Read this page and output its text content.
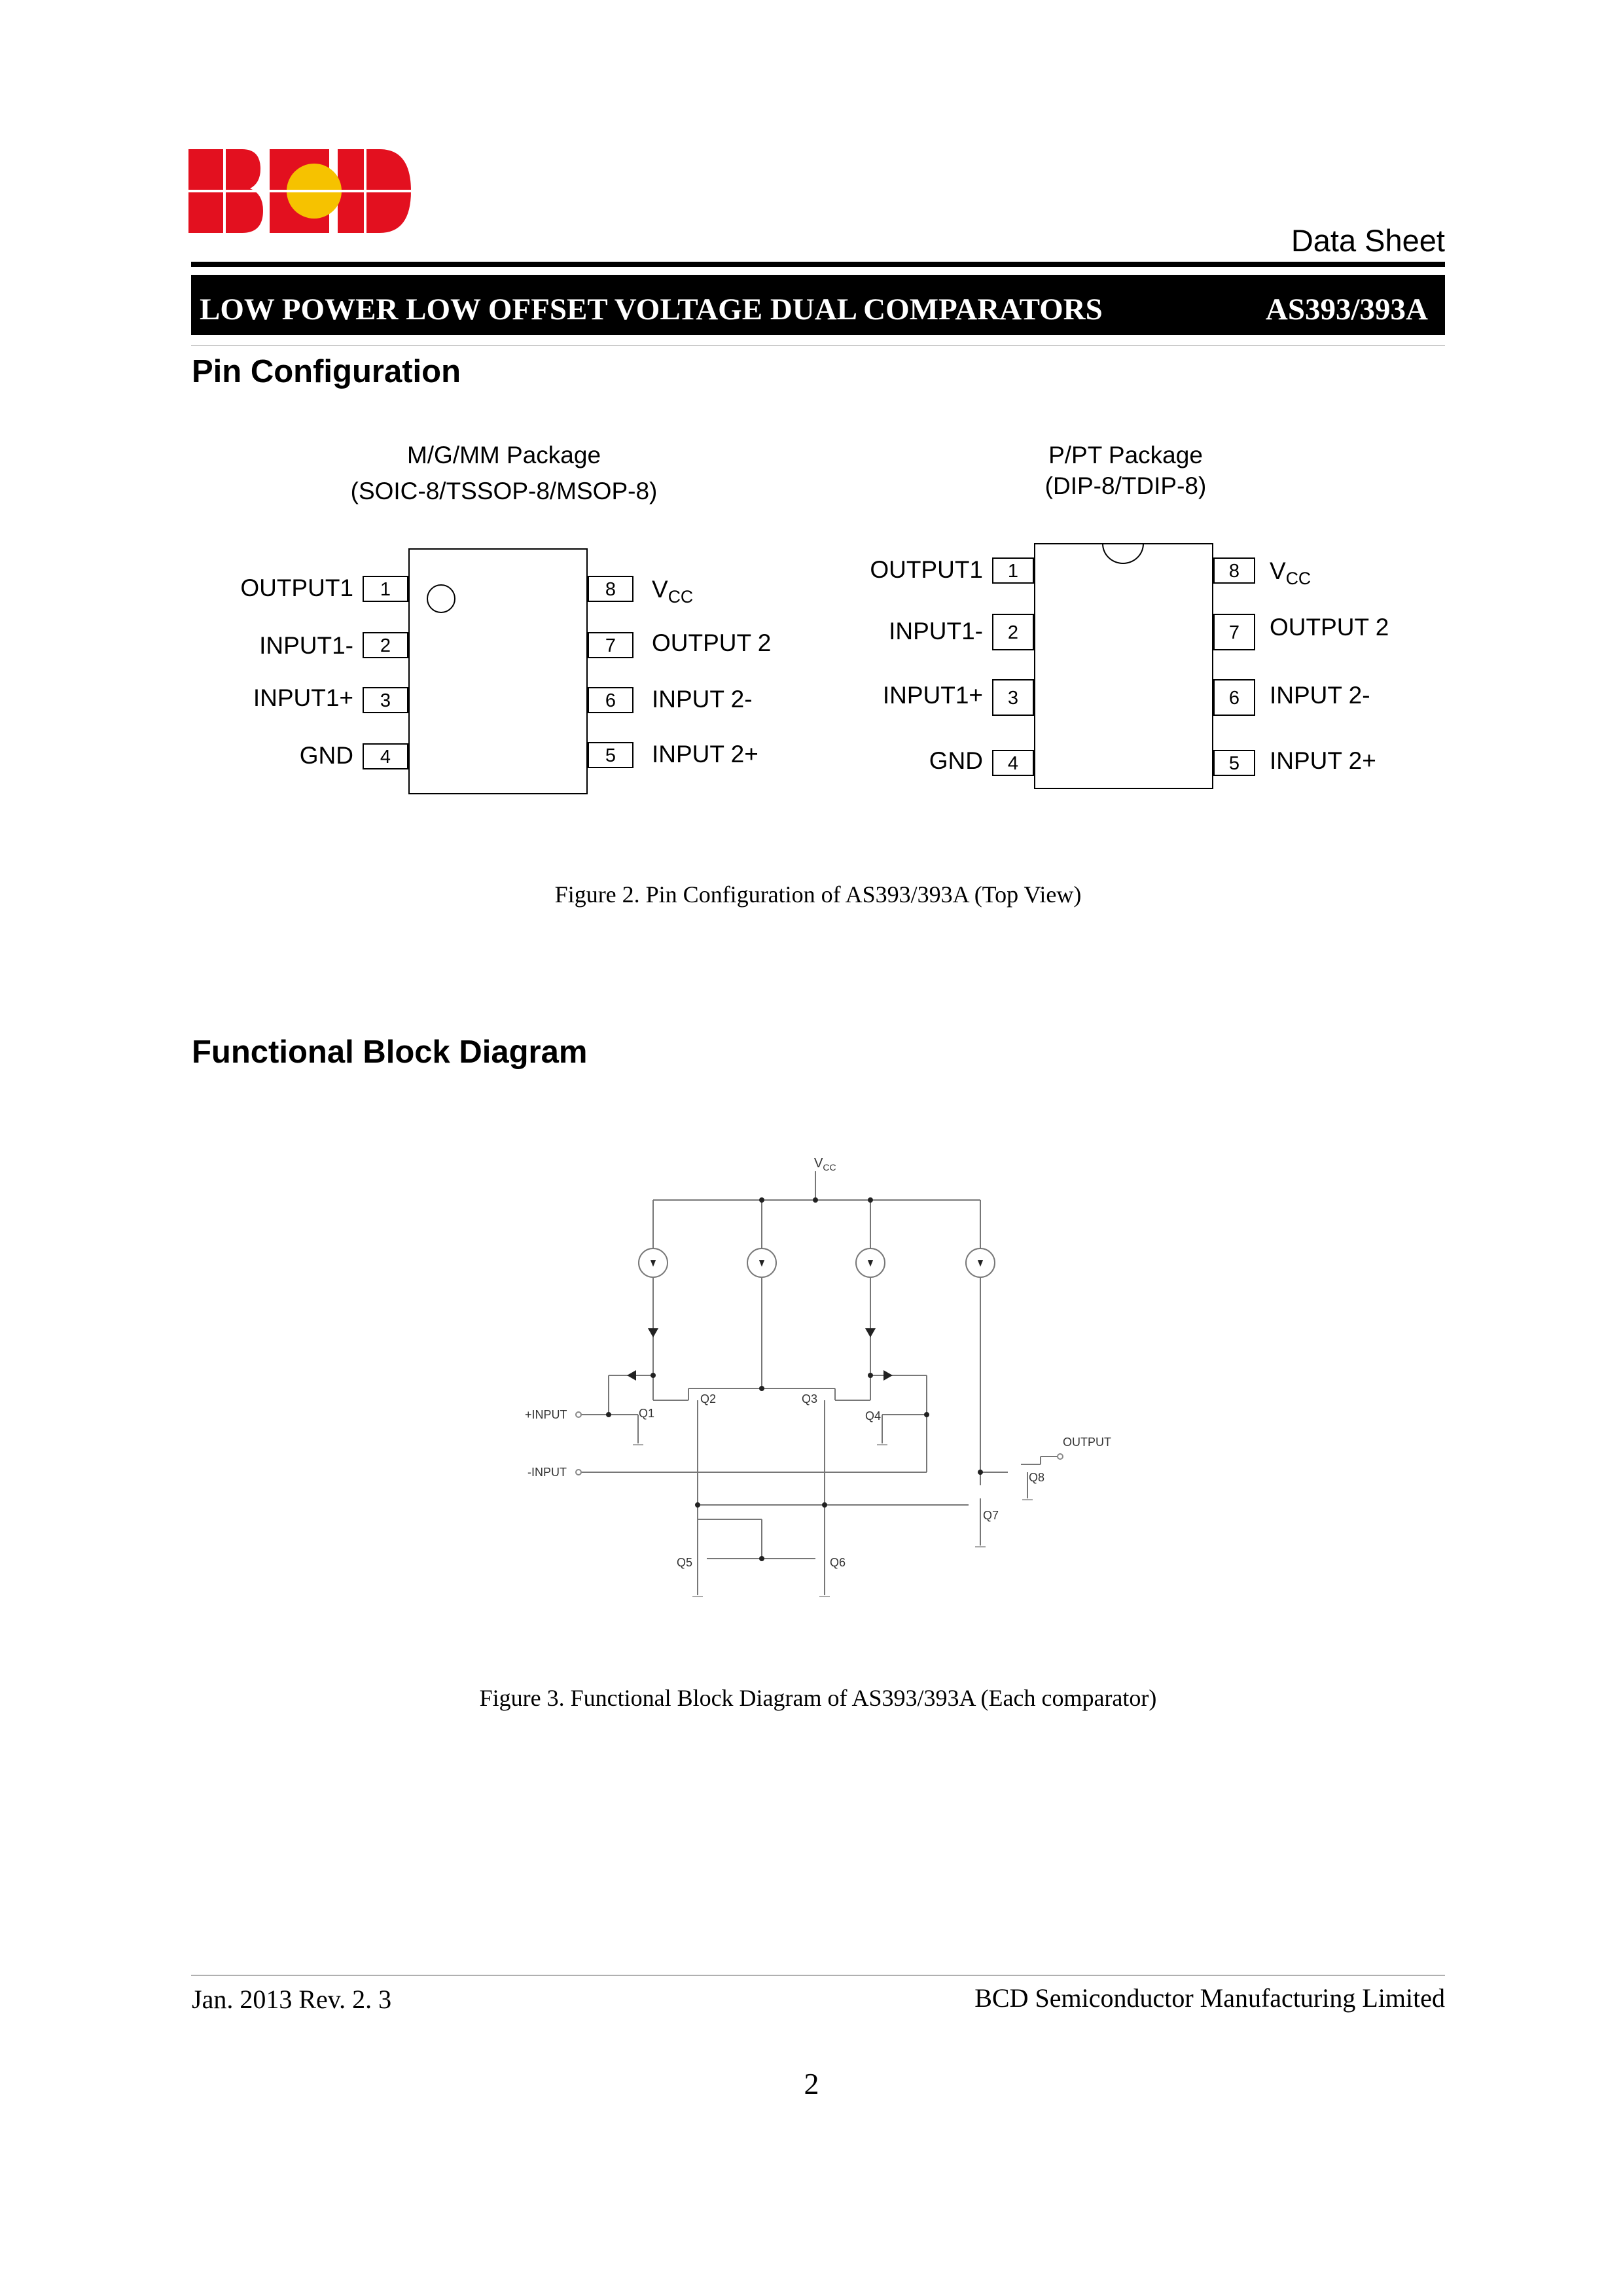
Data Sheet
LOW POWER LOW OFFSET VOLTAGE DUAL COMPARATORS	AS393/393A
Pin Configuration
M/G/MM Package
(SOIC-8/TSSOP-8/MSOP-8)
1
2
3
4
8
7
6
5
OUTPUT1
INPUT1-
INPUT1+
GND
$V_{CC}$
OUTPUT 2
INPUT 2-
INPUT 2+
P/PT Package
(DIP-8/TDIP-8)
1
2
3
4
8
7
6
5
OUTPUT1
INPUT1-
INPUT1+
GND
$V_{CC}$
OUTPUT 2
INPUT 2-
INPUT 2+
Figure 2. Pin Configuration of AS393/393A (Top View)
Functional Block Diagram
$V_{CC}$
+INPUT
-INPUT
OUTPUT
Q1
Q2	Q3
Q4
Q5	Q6
Q7
Q8
Figure 3. Functional Block Diagram of AS393/393A (Each comparator)
Jan. 2013 Rev. 2. 3	BCD Semiconductor Manufacturing Limited
2
